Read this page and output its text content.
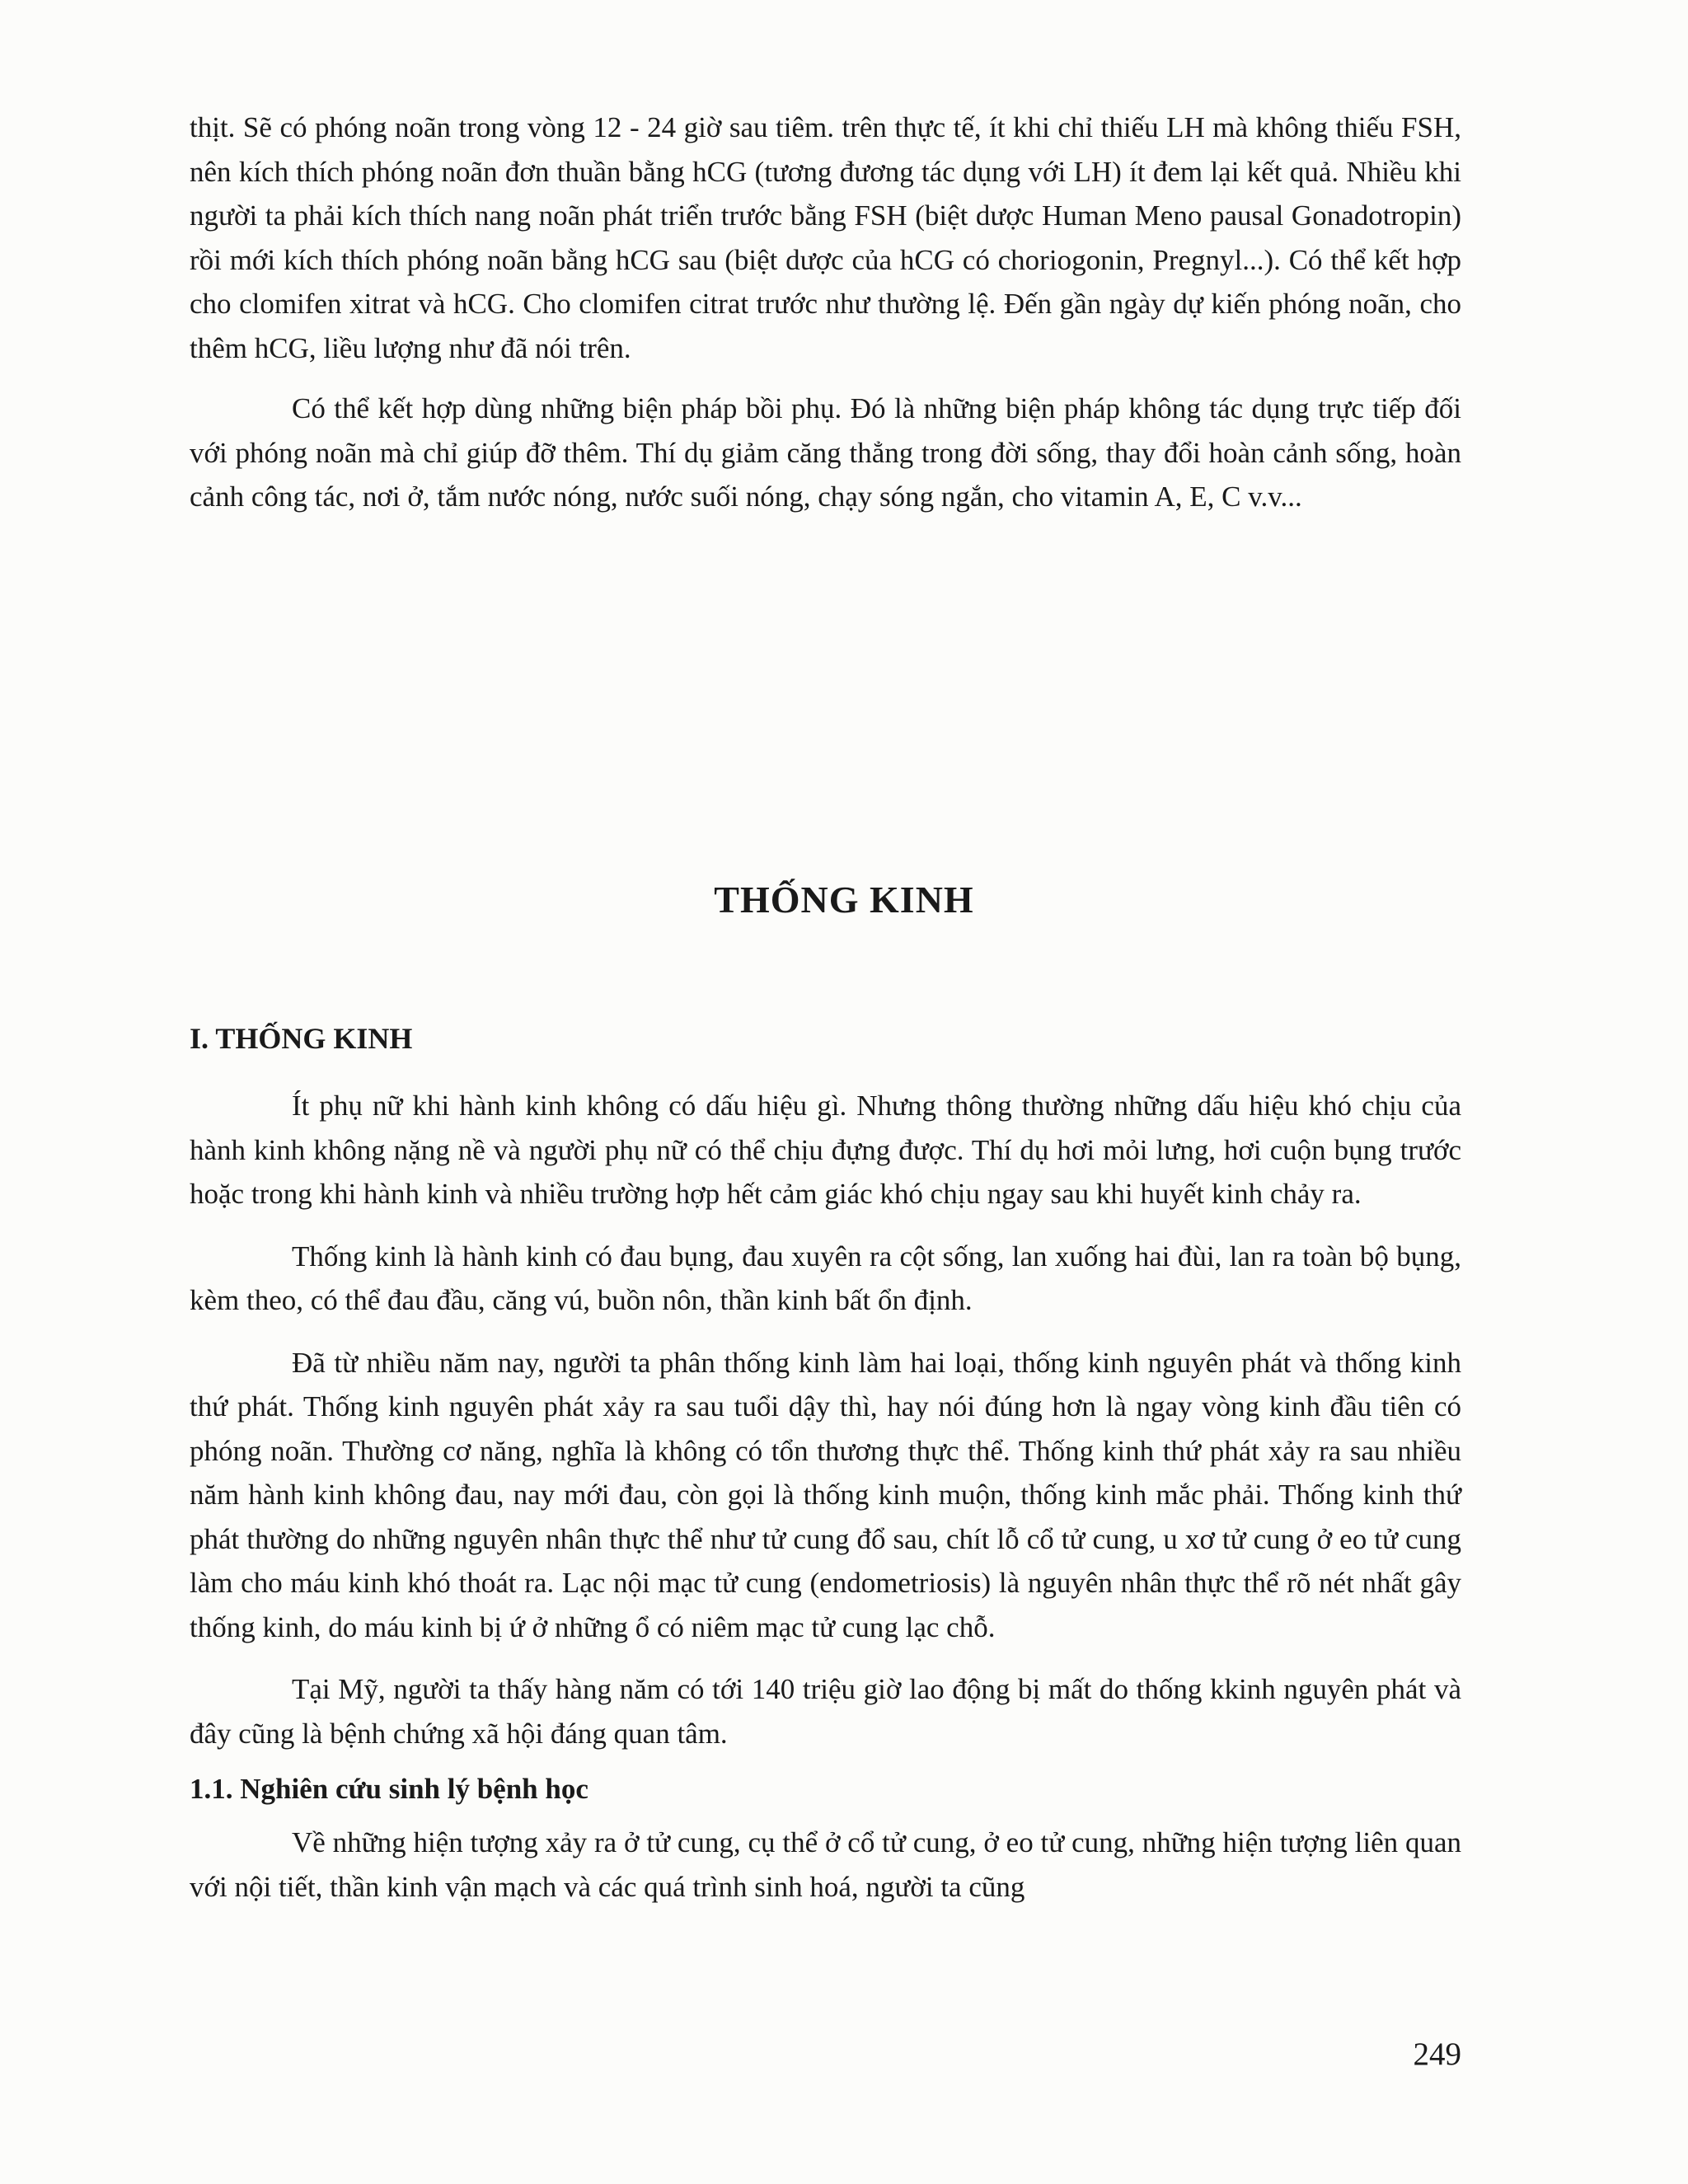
thịt. Sẽ có phóng noãn trong vòng 12 - 24 giờ sau tiêm. trên thực tế, ít khi chỉ thiếu LH mà không thiếu FSH, nên kích thích phóng noãn đơn thuần bằng hCG (tương đương tác dụng với LH) ít đem lại kết quả. Nhiều khi người ta phải kích thích nang noãn phát triển trước bằng FSH (biệt dược Human Meno pausal Gonadotropin) rồi mới kích thích phóng noãn bằng hCG sau (biệt dược của hCG có choriogonin, Pregnyl...). Có thể kết hợp cho clomifen xitrat và hCG. Cho clomifen citrat trước như thường lệ. Đến gần ngày dự kiến phóng noãn, cho thêm hCG, liều lượng như đã nói trên.

Có thể kết hợp dùng những biện pháp bồi phụ. Đó là những biện pháp không tác dụng trực tiếp đối với phóng noãn mà chỉ giúp đỡ thêm. Thí dụ giảm căng thẳng trong đời sống, thay đổi hoàn cảnh sống, hoàn cảnh công tác, nơi ở, tắm nước nóng, nước suối nóng, chạy sóng ngắn, cho vitamin A, E, C v.v...

THỐNG KINH
I. THỐNG KINH

Ít phụ nữ khi hành kinh không có dấu hiệu gì. Nhưng thông thường những dấu hiệu khó chịu của hành kinh không nặng nề và người phụ nữ có thể chịu đựng được. Thí dụ hơi mỏi lưng, hơi cuộn bụng trước hoặc trong khi hành kinh và nhiều trường hợp hết cảm giác khó chịu ngay sau khi huyết kinh chảy ra.

Thống kinh là hành kinh có đau bụng, đau xuyên ra cột sống, lan xuống hai đùi, lan ra toàn bộ bụng, kèm theo, có thể đau đầu, căng vú, buồn nôn, thần kinh bất ổn định.

Đã từ nhiều năm nay, người ta phân thống kinh làm hai loại, thống kinh nguyên phát và thống kinh thứ phát. Thống kinh nguyên phát xảy ra sau tuổi dậy thì, hay nói đúng hơn là ngay vòng kinh đầu tiên có phóng noãn. Thường cơ năng, nghĩa là không có tổn thương thực thể. Thống kinh thứ phát xảy ra sau nhiều năm hành kinh không đau, nay mới đau, còn gọi là thống kinh muộn, thống kinh mắc phải. Thống kinh thứ phát thường do những nguyên nhân thực thể như tử cung đổ sau, chít lỗ cổ tử cung, u xơ tử cung ở eo tử cung làm cho máu kinh khó thoát ra. Lạc nội mạc tử cung (endometriosis) là nguyên nhân thực thể rõ nét nhất gây thống kinh, do máu kinh bị ứ ở những ổ có niêm mạc tử cung lạc chỗ.

Tại Mỹ, người ta thấy hàng năm có tới 140 triệu giờ lao động bị mất do thống kkinh nguyên phát và đây cũng là bệnh chứng xã hội đáng quan tâm.

1.1. Nghiên cứu sinh lý bệnh học

Về những hiện tượng xảy ra ở tử cung, cụ thể ở cổ tử cung, ở eo tử cung, những hiện tượng liên quan với nội tiết, thần kinh vận mạch và các quá trình sinh hoá, người ta cũng

249
